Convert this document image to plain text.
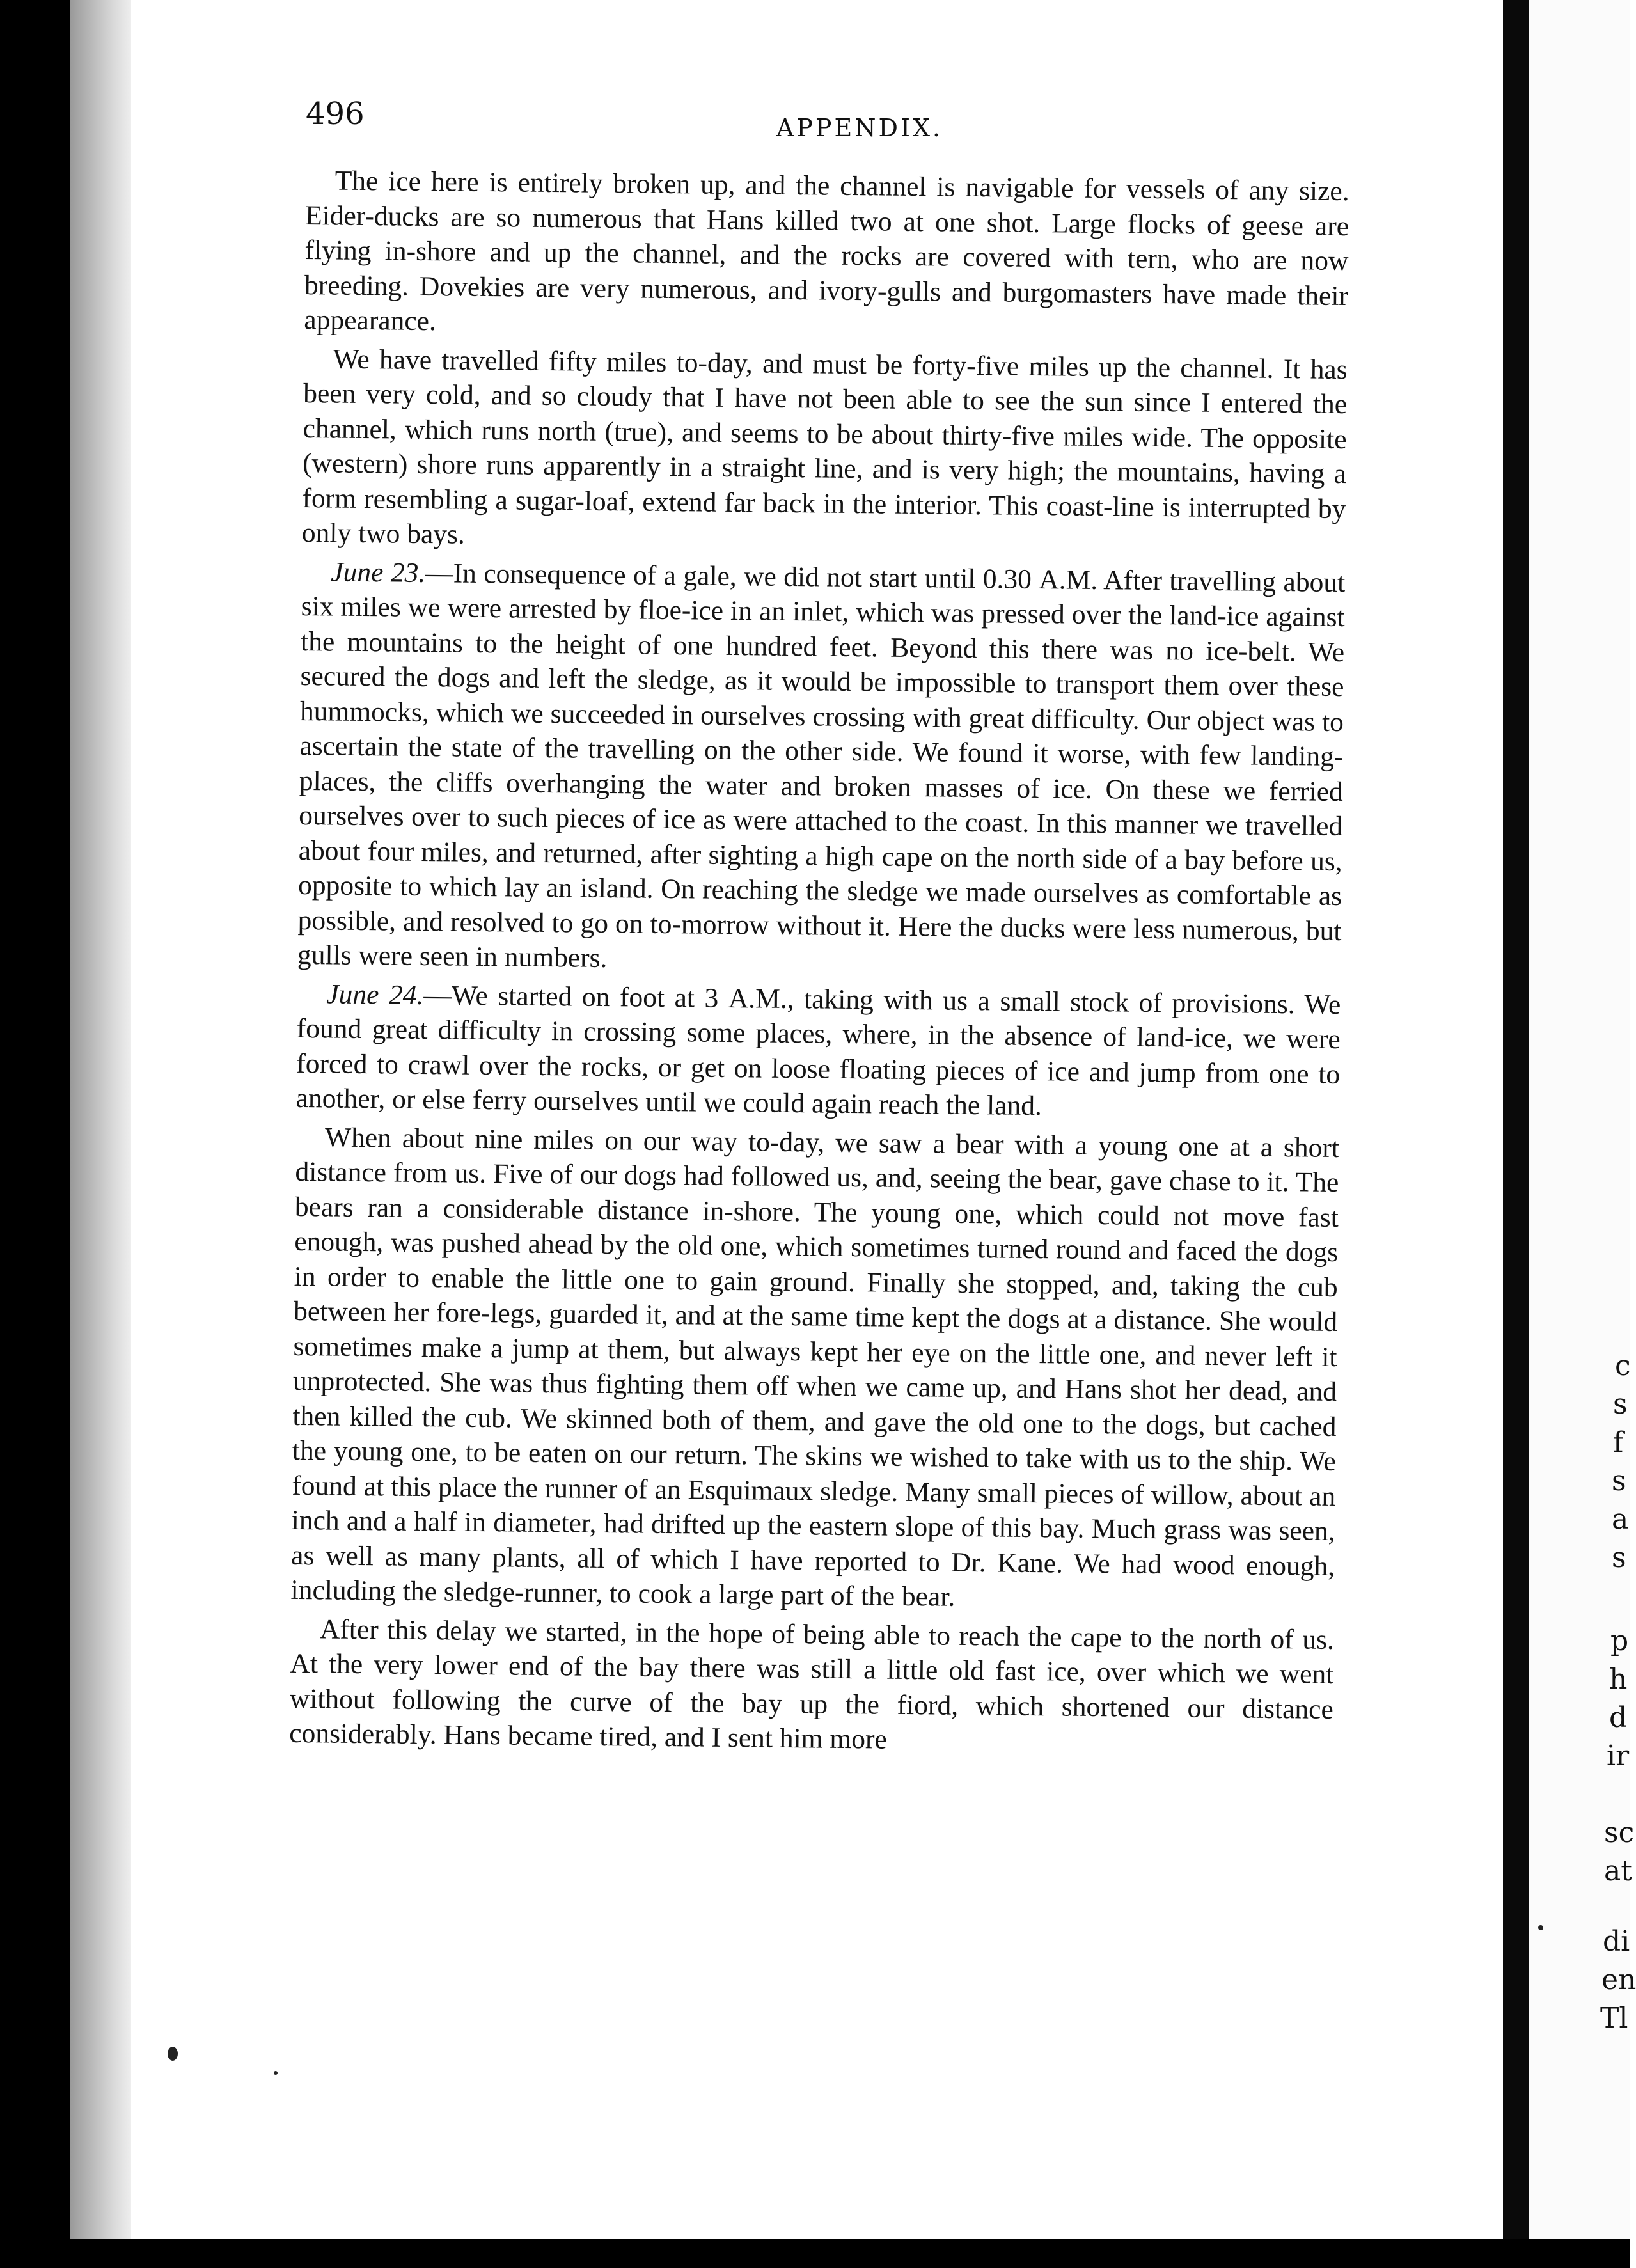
c
s
f
s
a
s
p
h
d
ir
sc
at
di
en
Tl
496	APPENDIX.

The ice here is entirely broken up, and the channel is navigable for vessels of any size. Eider-ducks are so numerous that Hans killed two at one shot. Large flocks of geese are flying in-shore and up the channel, and the rocks are covered with tern, who are now breeding. Dovekies are very numerous, and ivory-gulls and burgomasters have made their appearance.

We have travelled fifty miles to-day, and must be forty-five miles up the channel. It has been very cold, and so cloudy that I have not been able to see the sun since I entered the channel, which runs north (true), and seems to be about thirty-five miles wide. The opposite (western) shore runs apparently in a straight line, and is very high; the mountains, having a form resembling a sugar-loaf, extend far back in the interior. This coast-line is interrupted by only two bays.

June 23.—In consequence of a gale, we did not start until 0.30 A.M. After travelling about six miles we were arrested by floe-ice in an inlet, which was pressed over the land-ice against the mountains to the height of one hundred feet. Beyond this there was no ice-belt. We secured the dogs and left the sledge, as it would be impossible to transport them over these hummocks, which we succeeded in ourselves crossing with great difficulty. Our object was to ascertain the state of the travelling on the other side. We found it worse, with few landing-places, the cliffs overhanging the water and broken masses of ice. On these we ferried ourselves over to such pieces of ice as were attached to the coast. In this manner we travelled about four miles, and returned, after sighting a high cape on the north side of a bay before us, opposite to which lay an island. On reaching the sledge we made ourselves as comfortable as possible, and resolved to go on to-morrow without it. Here the ducks were less numerous, but gulls were seen in numbers.

June 24.—We started on foot at 3 A.M., taking with us a small stock of provisions. We found great difficulty in crossing some places, where, in the absence of land-ice, we were forced to crawl over the rocks, or get on loose floating pieces of ice and jump from one to another, or else ferry ourselves until we could again reach the land.

When about nine miles on our way to-day, we saw a bear with a young one at a short distance from us. Five of our dogs had followed us, and, seeing the bear, gave chase to it. The bears ran a considerable distance in-shore. The young one, which could not move fast enough, was pushed ahead by the old one, which sometimes turned round and faced the dogs in order to enable the little one to gain ground. Finally she stopped, and, taking the cub between her fore-legs, guarded it, and at the same time kept the dogs at a distance. She would sometimes make a jump at them, but always kept her eye on the little one, and never left it unprotected. She was thus fighting them off when we came up, and Hans shot her dead, and then killed the cub. We skinned both of them, and gave the old one to the dogs, but cached the young one, to be eaten on our return. The skins we wished to take with us to the ship. We found at this place the runner of an Esquimaux sledge. Many small pieces of willow, about an inch and a half in diameter, had drifted up the eastern slope of this bay. Much grass was seen, as well as many plants, all of which I have reported to Dr. Kane. We had wood enough, including the sledge-runner, to cook a large part of the bear.

After this delay we started, in the hope of being able to reach the cape to the north of us. At the very lower end of the bay there was still a little old fast ice, over which we went without following the curve of the bay up the fiord, which shortened our distance considerably. Hans became tired, and I sent him more
